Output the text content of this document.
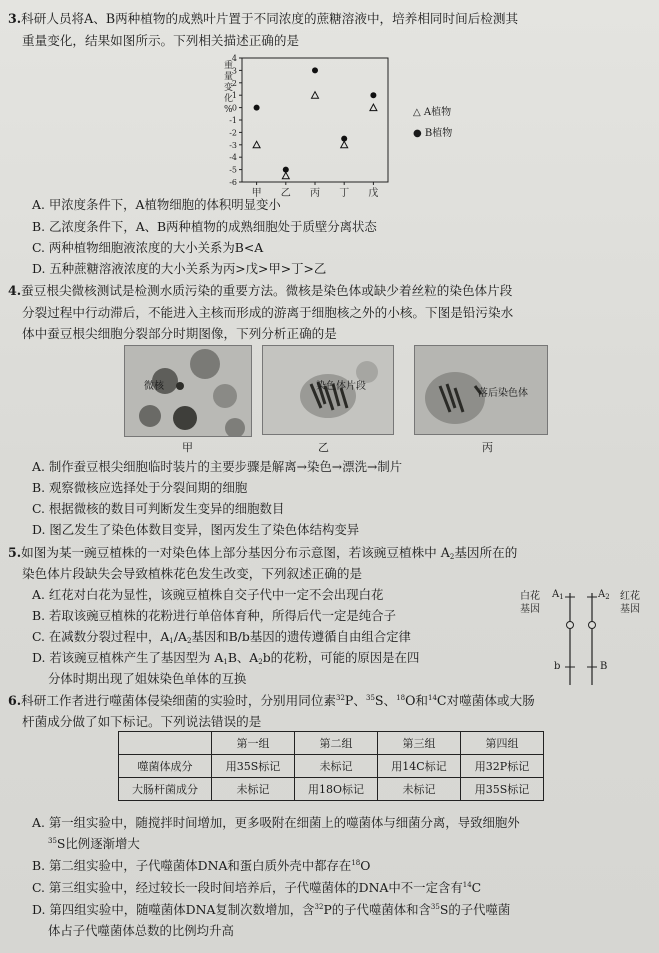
3.科研人员将A、B两种植物的成熟叶片置于不同浓度的蔗糖溶液中，培养相同时间后检测其
重量变化，结果如图所示。下列相关描述正确的是
4
3
2
1
0
-1
-2
-3
-4
-5
-6
重
量
变
化
%
甲 乙 丙 丁 戊
△ A植物
● B植物
A. 甲浓度条件下，A植物细胞的体积明显变小
B. 乙浓度条件下，A、B两种植物的成熟细胞处于质壁分离状态
C. 两种植物细胞液浓度的大小关系为B<A
D. 五种蔗糖溶液浓度的大小关系为丙>戊>甲>丁>乙
4.蚕豆根尖微核测试是检测水质污染的重要方法。微核是染色体或缺少着丝粒的染色体片段
分裂过程中行动滞后，不能进入主核而形成的游离于细胞核之外的小核。下图是铅污染水
体中蚕豆根尖细胞分裂部分时期图像，下列分析正确的是
微核
甲
染色体片段
乙
落后染色体
丙
A. 制作蚕豆根尖细胞临时装片的主要步骤是解离→染色→漂洗→制片
B. 观察微核应选择处于分裂间期的细胞
C. 根据微核的数目可判断发生变异的细胞数目
D. 图乙发生了染色体数目变异，图丙发生了染色体结构变异
5.如图为某一豌豆植株的一对染色体上部分基因分布示意图，若该豌豆植株中 $A_2$基因所在的
染色体片段缺失会导致植株花色发生改变，下列叙述正确的是
A. 红花对白花为显性，该豌豆植株自交子代中一定不会出现白花
B. 若取该豌豆植株的花粉进行单倍体育种，所得后代一定是纯合子
C. 在减数分裂过程中，$A_1/A_2$基因和B/b基因的遗传遵循自由组合定律
D. 若该豌豆植株产生了基因型为 $A_1B$、$A_2b$的花粉，可能的原因是在四
分体时期出现了姐妹染色单体的互换
白花
基因
红花
基因
$A_1$	$A_2$
b	B
6.科研工作者进行噬菌体侵染细菌的实验时，分别用同位素$^{32}$P、$^{35}$S、$^{18}$O和$^{14}$C对噬菌体或大肠
杆菌成分做了如下标记。下列说法错误的是
	第一组	第二组	第三组	第四组
噬菌体成分	用35S标记	未标记	用14C标记	用32P标记
大肠杆菌成分	未标记	用18O标记	未标记	用35S标记
A. 第一组实验中，随搅拌时间增加，更多吸附在细菌上的噬菌体与细菌分离，导致细胞外
$^{35}$S比例逐渐增大
B. 第二组实验中，子代噬菌体DNA和蛋白质外壳中都存在$^{18}$O
C. 第三组实验中，经过较长一段时间培养后，子代噬菌体的DNA中不一定含有$^{14}$C
D. 第四组实验中，随噬菌体DNA复制次数增加，含$^{32}$P的子代噬菌体和含$^{35}$S的子代噬菌
体占子代噬菌体总数的比例均升高
